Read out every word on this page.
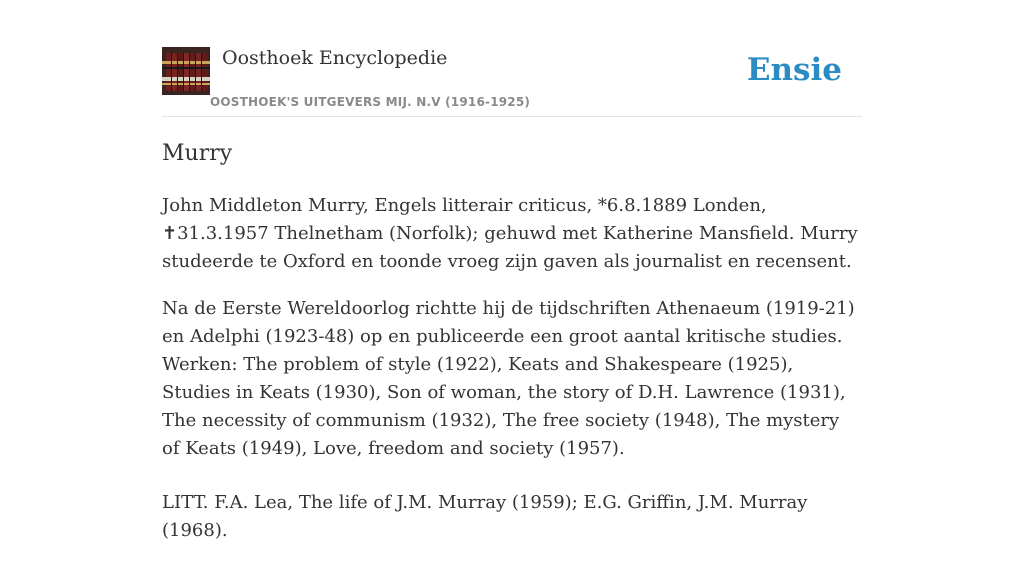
Oosthoek Encyclopedie
OOSTHOEK'S UITGEVERS MIJ. N.V (1916-1925)
Ensie
Murry

John Middleton Murry, Engels litterair criticus, *6.8.1889 Londen, ✝31.3.1957 Thelnetham (Norfolk); gehuwd met Katherine Mansfield. Murry studeerde te Oxford en toonde vroeg zijn gaven als journalist en recensent.

Na de Eerste Wereldoorlog richtte hij de tijdschriften Athenaeum (1919-21) en Adelphi (1923-48) op en publiceerde een groot aantal kritische studies. Werken: The problem of style (1922), Keats and Shakespeare (1925), Studies in Keats (1930), Son of woman, the story of D.H. Lawrence (1931), The necessity of communism (1932), The free society (1948), The mystery of Keats (1949), Love, freedom and society (1957).

LITT. F.A. Lea, The life of J.M. Murray (1959); E.G. Griffin, J.M. Murray (1968).
